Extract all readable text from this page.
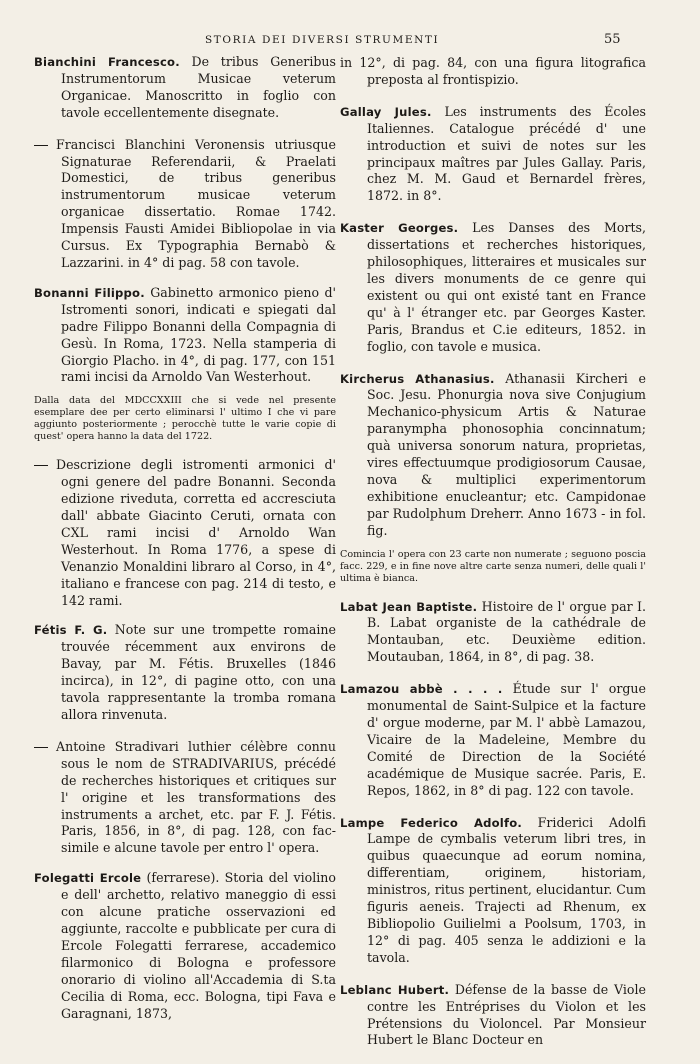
STORIA DEI DIVERSI STRUMENTI	55

Bianchini Francesco. De tribus Generibus Instrumentorum Musicae veterum Organicae. Manoscritto in foglio con tavole eccellentemente disegnate.

Francisci Blanchini Veronensis utriusque Signaturae Referendarii, & Praelati Domestici, de tribus generibus instrumentorum musicae veterum organicae dissertatio. Romae 1742. Impensis Fausti Amidei Bibliopolae in via Cursus. Ex Typographia Bernabò & Lazzarini. in 4° di pag. 58 con tavole.

Bonanni Filippo. Gabinetto armonico pieno d' Istromenti sonori, indicati e spiegati dal padre Filippo Bonanni della Compagnia di Gesù. In Roma, 1723. Nella stamperia di Giorgio Placho. in 4°, di pag. 177, con 151 rami incisi da Arnoldo Van Westerhout.

Dalla data del MDCCXXIII che si vede nel presente esemplare dee per certo eliminarsi l' ultimo I che vi pare aggiunto posteriormente ; perocchè tutte le varie copie di quest' opera hanno la data del 1722.

Descrizione degli istromenti armonici d' ogni genere del padre Bonanni. Seconda edizione riveduta, corretta ed accresciuta dall' abbate Giacinto Ceruti, ornata con CXL rami incisi d' Arnoldo Wan Westerhout. In Roma 1776, a spese di Venanzio Monaldini libraro al Corso, in 4°, italiano e francese con pag. 214 di testo, e 142 rami.

Fétis F. G. Note sur une trompette romaine trouvée récemment aux environs de Bavay, par M. Fétis. Bruxelles (1846 incirca), in 12°, di pagine otto, con una tavola rappresentante la tromba romana allora rinvenuta.

Antoine Stradivari luthier célèbre connu sous le nom de STRADIVARIUS, précédé de recherches historiques et critiques sur l' origine et les transformations des instruments a archet, etc. par F. J. Fétis. Paris, 1856, in 8°, di pag. 128, con fac-simile e alcune tavole per entro l' opera.

Folegatti Ercole (ferrarese). Storia del violino e dell' archetto, relativo maneggio di essi con alcune pratiche osservazioni ed aggiunte, raccolte e pubblicate per cura di Ercole Folegatti ferrarese, accademico filarmonico di Bologna e professore onorario di violino all'Accademia di S.ta Cecilia di Roma, ecc. Bologna, tipi Fava e Garagnani, 1873,

in 12°, di pag. 84, con una figura litografica preposta al frontispizio.

Gallay Jules. Les instruments des Écoles Italiennes. Catalogue précédé d' une introduction et suivi de notes sur les principaux maîtres par Jules Gallay. Paris, chez M. M. Gaud et Bernardel frères, 1872. in 8°.

Kaster Georges. Les Danses des Morts, dissertations et recherches historiques, philosophiques, litteraires et musicales sur les divers monuments de ce genre qui existent ou qui ont existé tant en France qu' à l' étranger etc. par Georges Kaster. Paris, Brandus et C.ie editeurs, 1852. in foglio, con tavole e musica.

Kircherus Athanasius. Athanasii Kircheri e Soc. Jesu. Phonurgia nova sive Conjugium Mechanico-physicum Artis & Naturae paranympha phonosophia concinnatum; quà universa sonorum natura, proprietas, vires effectuumque prodigiosorum Causae, nova & multiplici experimentorum exhibitione enucleantur; etc. Campidonae par Rudolphum Dreherr. Anno 1673 - in fol. fig.

Comincia l' opera con 23 carte non numerate ; seguono poscia facc. 229, e in fine nove altre carte senza numeri, delle quali l' ultima è bianca.

Labat Jean Baptiste. Histoire de l' orgue par I. B. Labat organiste de la cathédrale de Montauban, etc. Deuxième edition. Moutauban, 1864, in 8°, di pag. 38.

Lamazou abbè . . . . Étude sur l' orgue monumental de Saint-Sulpice et la facture d' orgue moderne, par M. l' abbè Lamazou, Vicaire de la Madeleine, Membre du Comité de Direction de la Société académique de Musique sacrée. Paris, E. Repos, 1862, in 8° di pag. 122 con tavole.

Lampe Federico Adolfo. Friderici Adolfi Lampe de cymbalis veterum libri tres, in quibus quaecunque ad eorum nomina, differentiam, originem, historiam, ministros, ritus pertinent, elucidantur. Cum figuris aeneis. Trajecti ad Rhenum, ex Bibliopolio Guilielmi a Poolsum, 1703, in 12° di pag. 405 senza le addizioni e la tavola.

Leblanc Hubert. Défense de la basse de Viole contre les Entréprises du Violon et les Prétensions du Violoncel. Par Monsieur Hubert le Blanc Docteur en
